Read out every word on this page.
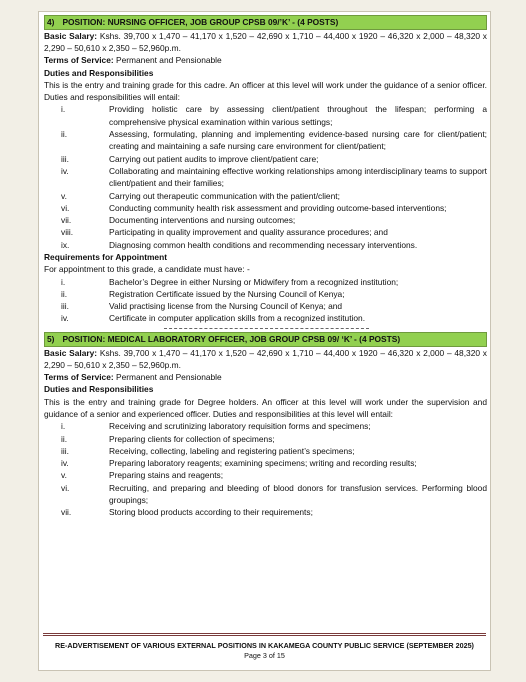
4) POSITION: NURSING OFFICER, JOB GROUP CPSB 09/’K’ - (4 POSTS)

Basic Salary: Kshs. 39,700 x 1,470 – 41,170 x 1,520 – 42,690 x 1,710 – 44,400 x 1920 – 46,320 x 2,000 – 48,320 x 2,290 – 50,610 x 2,350 – 52,960p.m.

Terms of Service: Permanent and Pensionable

Duties and Responsibilities

This is the entry and training grade for this cadre. An officer at this level will work under the guidance of a senior officer. Duties and responsibilities will entail:

i.	Providing holistic care by assessing client/patient throughout the lifespan; performing a comprehensive physical examination within various settings;
ii.	Assessing, formulating, planning and implementing evidence-based nursing care for client/patient; creating and maintaining a safe nursing care environment for client/patient;
iii.	Carrying out patient audits to improve client/patient care;
iv.	Collaborating and maintaining effective working relationships among interdisciplinary teams to support client/patient and their families;
v.	Carrying out therapeutic communication with the patient/client;
vi.	Conducting community health risk assessment and providing outcome-based interventions;
vii.	Documenting interventions and nursing outcomes;
viii.	Participating in quality improvement and quality assurance procedures; and
ix.	Diagnosing common health conditions and recommending necessary interventions.

Requirements for Appointment

For appointment to this grade, a candidate must have: -

i.	Bachelor’s Degree in either Nursing or Midwifery from a recognized institution;
ii.	Registration Certificate issued by the Nursing Council of Kenya;
iii.	Valid practising license from the Nursing Council of Kenya; and
iv.	Certificate in computer application skills from a recognized institution.
5) POSITION: MEDICAL LABORATORY OFFICER, JOB GROUP CPSB 09/ ‘K’ - (4 POSTS)

Basic Salary: Kshs. 39,700 x 1,470 – 41,170 x 1,520 – 42,690 x 1,710 – 44,400 x 1920 – 46,320 x 2,000 – 48,320 x 2,290 – 50,610 x 2,350 – 52,960p.m.

Terms of Service: Permanent and Pensionable

Duties and Responsibilities

This is the entry and training grade for Degree holders. An officer at this level will work under the supervision and guidance of a senior and experienced officer. Duties and responsibilities at this level will entail:

i.	Receiving and scrutinizing laboratory requisition forms and specimens;
ii.	Preparing clients for collection of specimens;
iii.	Receiving, collecting, labeling and registering patient’s specimens;
iv.	Preparing laboratory reagents; examining specimens; writing and recording results;
v.	Preparing stains and reagents;
vi.	Recruiting, and preparing and bleeding of blood donors for transfusion services. Performing blood groupings;
vii.	Storing blood products according to their requirements;
RE-ADVERTISEMENT OF VARIOUS EXTERNAL POSITIONS IN KAKAMEGA COUNTY PUBLIC SERVICE (SEPTEMBER 2025)
Page 3 of 15
